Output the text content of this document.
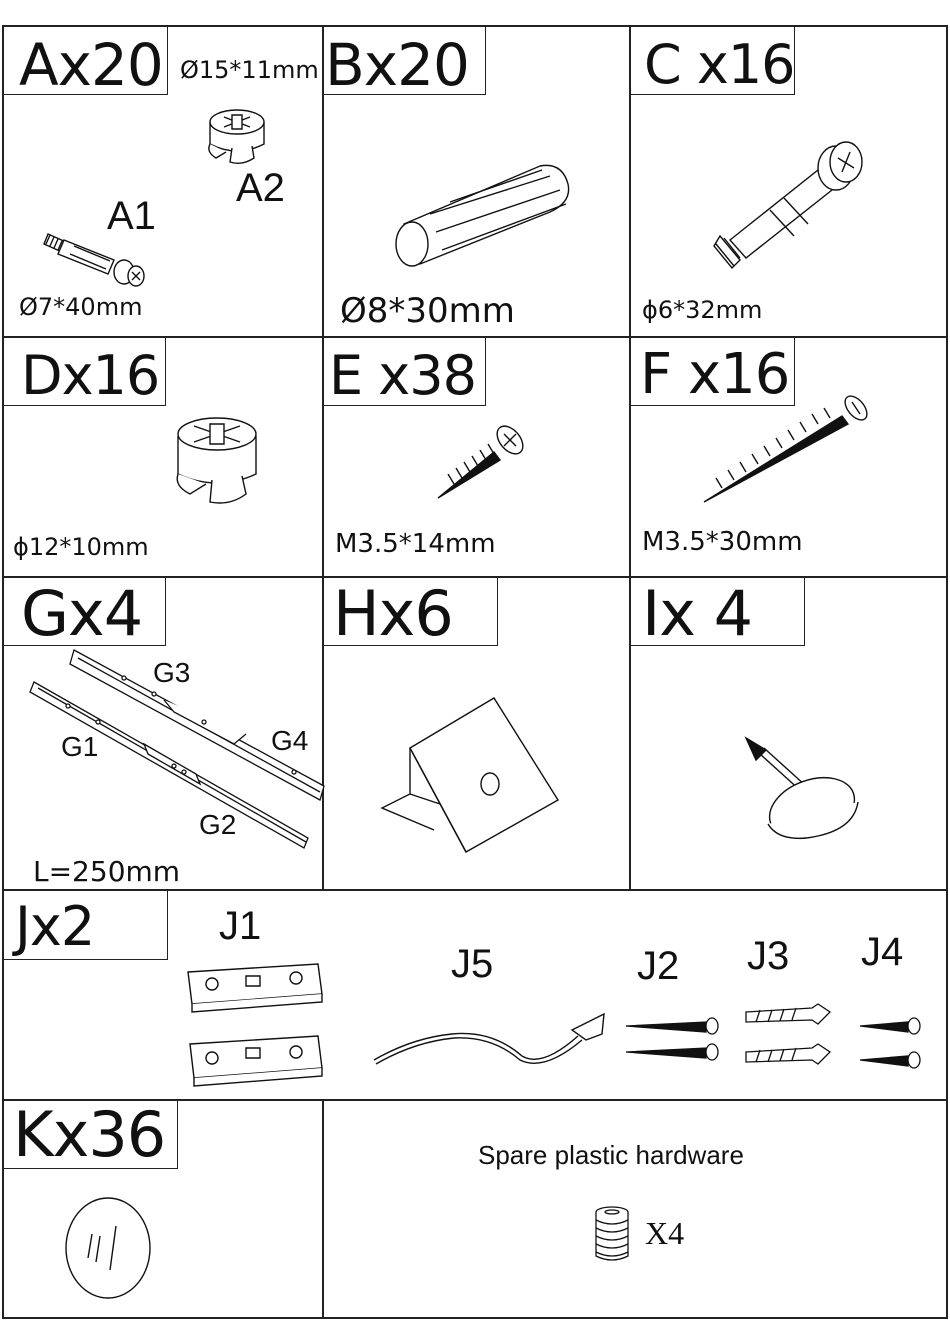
Ax20 Ø15*11mm
A1
A2
Ø7*40mm
Bx20
Ø8*30mm
C x16
ϕ6*32mm
Dx16
ϕ12*10mm
E x38
M3.5*14mm
F x16
M3.5*30mm
Gx4
G3
G4
G1
G2
L=250mm
Hx6	Ix 4
Jx2	J1
J5	J2 J3 J4
Kx36	Spare plastic hardware
X4
